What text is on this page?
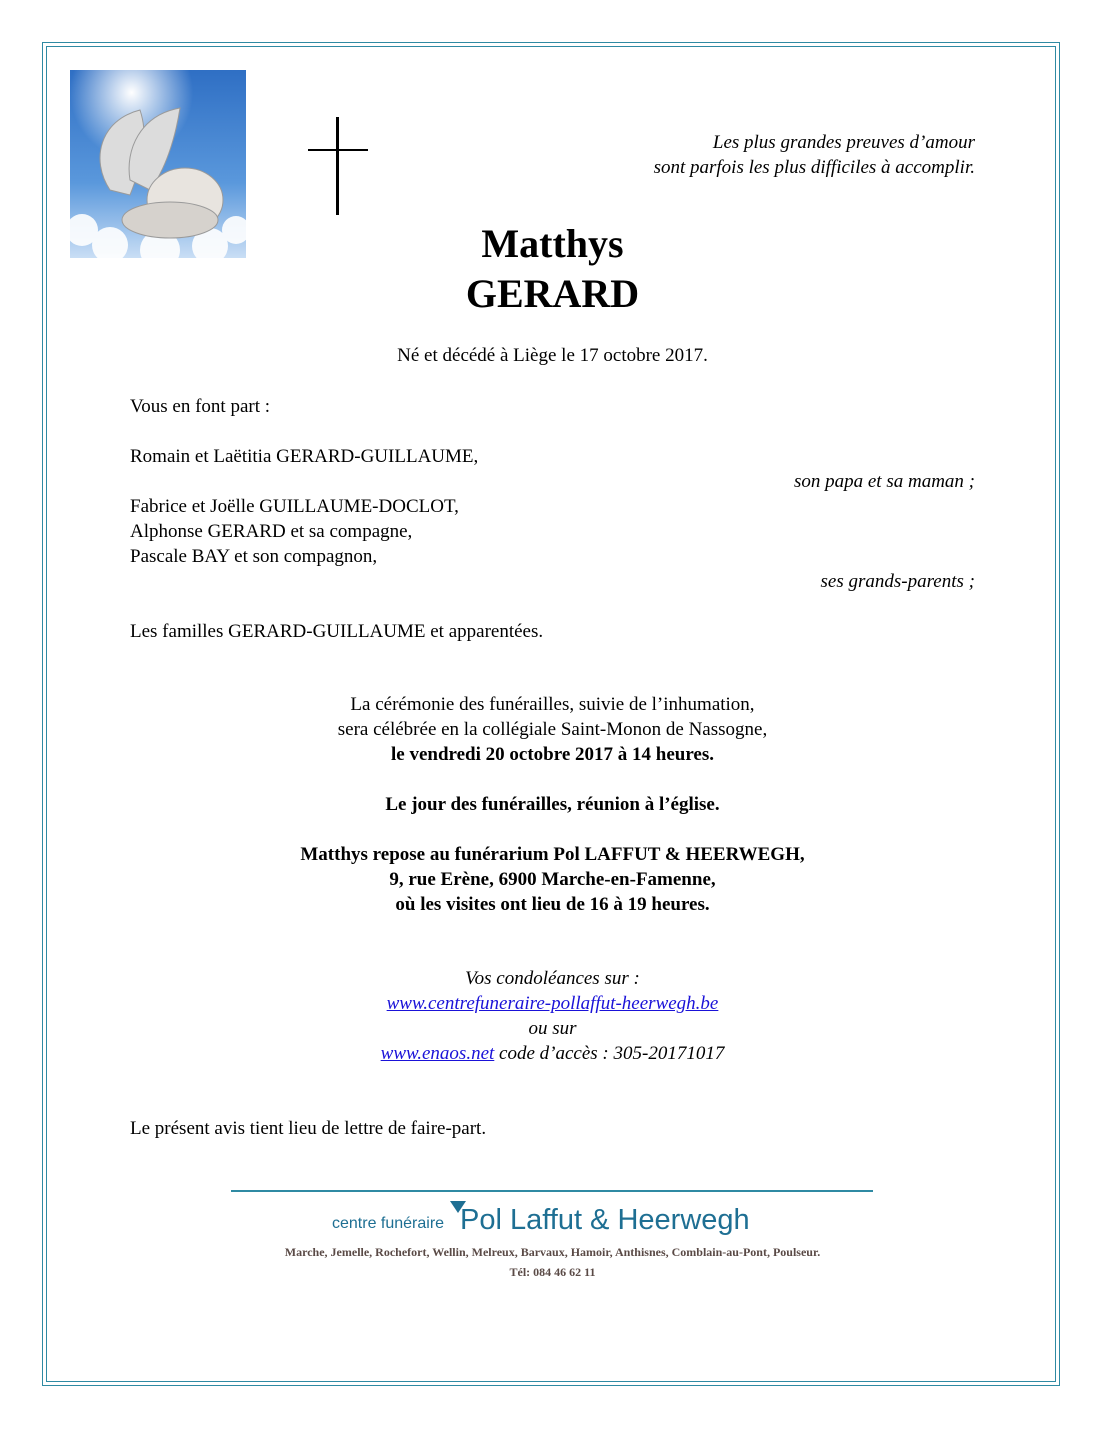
Les plus grandes preuves d’amour
sont parfois les plus difficiles à accomplir.
Matthys
GERARD
Né et décédé à Liège le 17 octobre 2017.
Vous en font part :
Romain et Laëtitia GERARD-GUILLAUME,
son papa et sa maman ;
Fabrice et Joëlle GUILLAUME-DOCLOT,
Alphonse GERARD et sa compagne,
Pascale BAY et son compagnon,
ses grands-parents ;
Les familles GERARD-GUILLAUME et apparentées.
La cérémonie des funérailles, suivie de l’inhumation,
sera célébrée en la collégiale Saint-Monon de Nassogne,
le vendredi 20 octobre 2017 à 14 heures.
Le jour des funérailles, réunion à l’église.
Matthys repose au funérarium Pol LAFFUT & HEERWEGH,
9, rue Erène, 6900 Marche-en-Famenne,
où les visites ont lieu de 16 à 19 heures.
Vos condoléances sur :
www.centrefuneraire-pollaffut-heerwegh.be
ou sur
www.enaos.net code d’accès : 305-20171017
Le présent avis tient lieu de lettre de faire-part.
centre funéraire Pol Laffut & Heerwegh
Marche, Jemelle, Rochefort, Wellin, Melreux, Barvaux, Hamoir, Anthisnes, Comblain-au-Pont, Poulseur.
Tél: 084 46 62 11
